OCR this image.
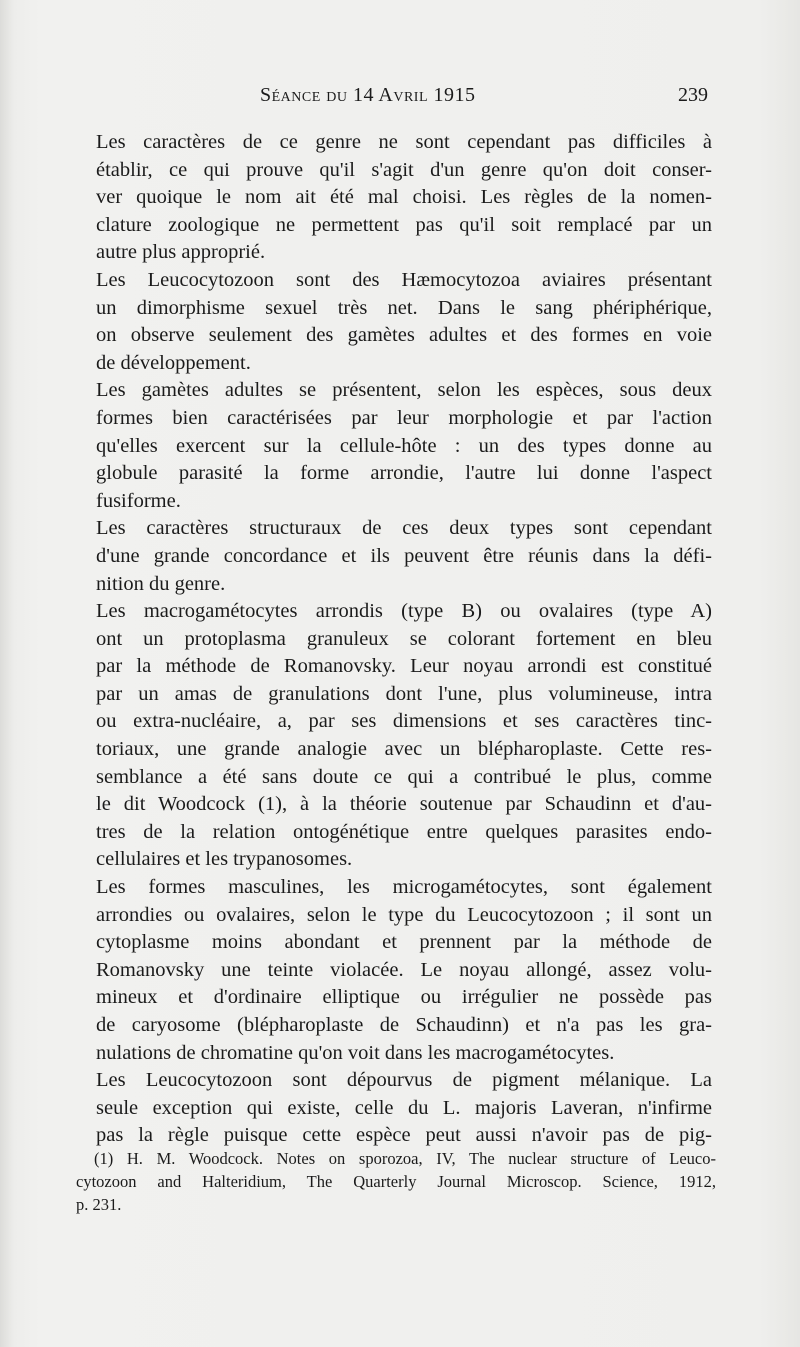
Séance du 14 Avril 1915	239

Les caractères de ce genre ne sont cependant pas difficiles à
établir, ce qui prouve qu'il s'agit d'un genre qu'on doit conser-
ver quoique le nom ait été mal choisi. Les règles de la nomen-
clature zoologique ne permettent pas qu'il soit remplacé par un
autre plus approprié.

Les Leucocytozoon sont des Hæmocytozoa aviaires présentant
un dimorphisme sexuel très net. Dans le sang phériphérique,
on observe seulement des gamètes adultes et des formes en voie
de développement.

Les gamètes adultes se présentent, selon les espèces, sous deux
formes bien caractérisées par leur morphologie et par l'action
qu'elles exercent sur la cellule-hôte : un des types donne au
globule parasité la forme arrondie, l'autre lui donne l'aspect
fusiforme.

Les caractères structuraux de ces deux types sont cependant
d'une grande concordance et ils peuvent être réunis dans la défi-
nition du genre.

Les macrogamétocytes arrondis (type B) ou ovalaires (type A)
ont un protoplasma granuleux se colorant fortement en bleu
par la méthode de Romanovsky. Leur noyau arrondi est constitué
par un amas de granulations dont l'une, plus volumineuse, intra
ou extra-nucléaire, a, par ses dimensions et ses caractères tinc-
toriaux, une grande analogie avec un blépharoplaste. Cette res-
semblance a été sans doute ce qui a contribué le plus, comme
le dit Woodcock (1), à la théorie soutenue par Schaudinn et d'au-
tres de la relation ontogénétique entre quelques parasites endo-
cellulaires et les trypanosomes.

Les formes masculines, les microgamétocytes, sont également
arrondies ou ovalaires, selon le type du Leucocytozoon ; il sont un
cytoplasme moins abondant et prennent par la méthode de
Romanovsky une teinte violacée. Le noyau allongé, assez volu-
mineux et d'ordinaire elliptique ou irrégulier ne possède pas
de caryosome (blépharoplaste de Schaudinn) et n'a pas les gra-
nulations de chromatine qu'on voit dans les macrogamétocytes.

Les Leucocytozoon sont dépourvus de pigment mélanique. La
seule exception qui existe, celle du L. majoris Laveran, n'infirme
pas la règle puisque cette espèce peut aussi n'avoir pas de pig-

(1) H. M. Woodcock. Notes on sporozoa, IV, The nuclear structure of Leuco-
cytozoon and Halteridium, The Quarterly Journal Microscop. Science, 1912,
p. 231.
